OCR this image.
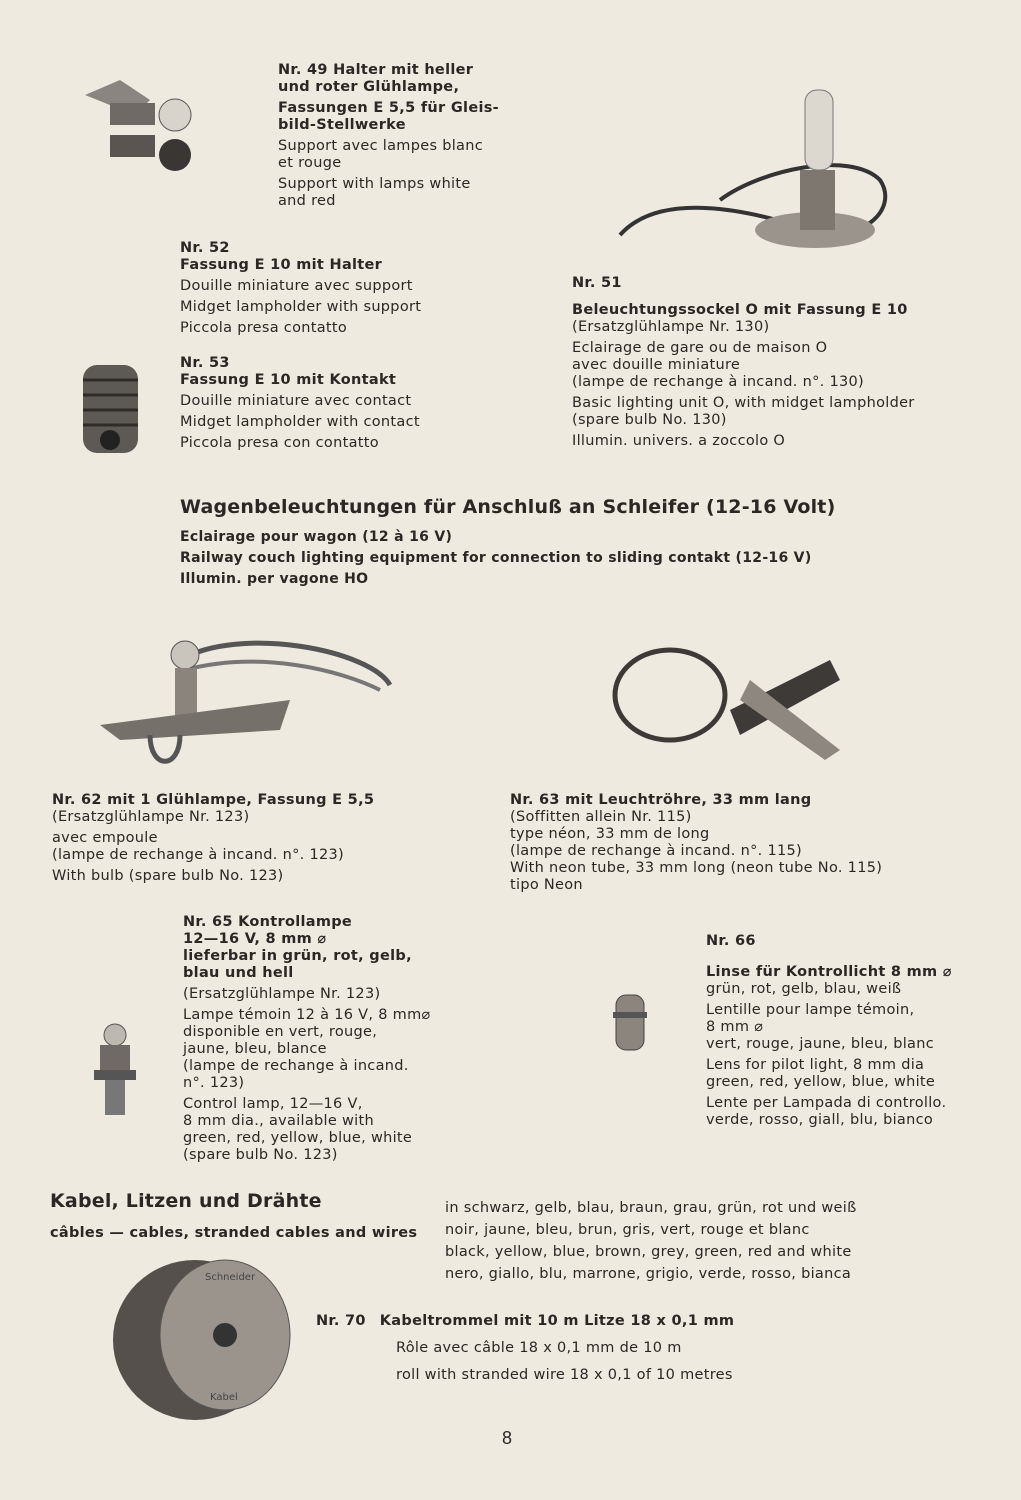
Nr. 49 Halter mit heller
und roter Glühlampe,
Fassungen E 5,5 für Gleis-
bild-Stellwerke
Support avec lampes blanc
et rouge
Support with lamps white
and red
Nr. 52
Fassung E 10 mit Halter
Douille miniature avec support
Midget lampholder with support
Piccola presa contatto
Nr. 53
Fassung E 10 mit Kontakt
Douille miniature avec contact
Midget lampholder with contact
Piccola presa con contatto
Nr. 51
Beleuchtungssockel O mit Fassung E 10
(Ersatzglühlampe Nr. 130)
Eclairage de gare ou de maison O
avec douille miniature
(lampe de rechange à incand. n°. 130)
Basic lighting unit O, with midget lampholder
(spare bulb No. 130)
Illumin. univers. a zoccolo O
Wagenbeleuchtungen für Anschluß an Schleifer (12-16 Volt)
Eclairage pour wagon (12 à 16 V)
Railway couch lighting equipment for connection to sliding contakt (12-16 V)
Illumin. per vagone HO
Nr. 62 mit 1 Glühlampe, Fassung E 5,5
(Ersatzglühlampe Nr. 123)
avec empoule
(lampe de rechange à incand. n°. 123)
With bulb (spare bulb No. 123)
Nr. 63 mit Leuchtröhre, 33 mm lang
(Soffitten allein Nr. 115)
type néon, 33 mm de long
(lampe de rechange à incand. n°. 115)
With neon tube, 33 mm long (neon tube No. 115)
tipo Neon
Nr. 65 Kontrollampe
12—16 V, 8 mm ⌀
lieferbar in grün, rot, gelb,
blau und hell
(Ersatzglühlampe Nr. 123)
Lampe témoin 12 à 16 V, 8 mm⌀
disponible en vert, rouge,
jaune, bleu, blance
(lampe de rechange à incand.
n°. 123)
Control lamp, 12—16 V,
8 mm dia., available with
green, red, yellow, blue, white
(spare bulb No. 123)
Nr. 66
Linse für Kontrollicht 8 mm ⌀
grün, rot, gelb, blau, weiß
Lentille pour lampe témoin,
8 mm ⌀
vert, rouge, jaune, bleu, blanc
Lens for pilot light, 8 mm dia
green, red, yellow, blue, white
Lente per Lampada di controllo.
verde, rosso, giall, blu, bianco
Kabel, Litzen und Drähte
câbles — cables, stranded cables and wires
in schwarz, gelb, blau, braun, grau, grün, rot und weiß
noir, jaune, bleu, brun, gris, vert, rouge et blanc
black, yellow, blue, brown, grey, green, red and white
nero, giallo, blu, marrone, grigio, verde, rosso, bianca
Schneider
Kabel
Nr. 70 Kabeltrommel mit 10 m Litze 18 x 0,1 mm
Rôle avec câble 18 x 0,1 mm de 10 m
roll with stranded wire 18 x 0,1 of 10 metres
8
